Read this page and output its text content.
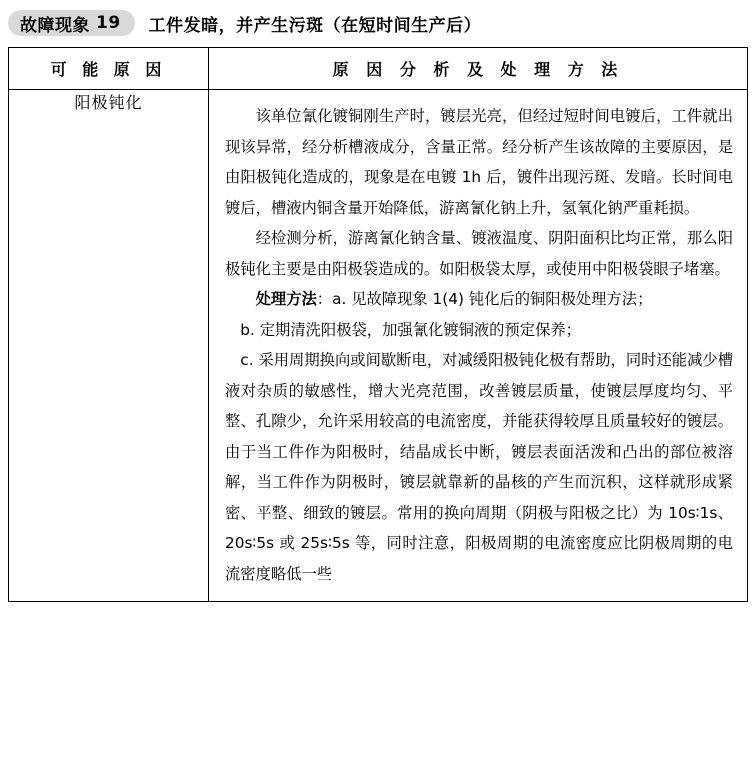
故障现象 19 工件发暗，并产生污斑（在短时间生产后）
可 能 原 因	原 因 分 析 及 处 理 方 法
阳极钝化	该单位氰化镀铜刚生产时，镀层光亮，但经过短时间电镀后，工件就出现该异常，经分析槽液成分，含量正常。经分析产生该故障的主要原因，是由阳极钝化造成的，现象是在电镀 1h 后，镀件出现污斑、发暗。长时间电镀后，槽液内铜含量开始降低，游离氰化钠上升，氢氧化钠严重耗损。

经检测分析，游离氰化钠含量、镀液温度、阴阳面积比均正常，那么阳极钝化主要是由阳极袋造成的。如阳极袋太厚，或使用中阳极袋眼子堵塞。

处理方法：a. 见故障现象 1(4) 钝化后的铜阳极处理方法；

b. 定期清洗阳极袋，加强氰化镀铜液的预定保养；

c. 采用周期换向或间歇断电，对减缓阳极钝化极有帮助，同时还能减少槽液对杂质的敏感性，增大光亮范围，改善镀层质量，使镀层厚度均匀、平整、孔隙少，允许采用较高的电流密度，并能获得较厚且质量较好的镀层。由于当工件作为阳极时，结晶成长中断，镀层表面活泼和凸出的部位被溶解，当工件作为阴极时，镀层就靠新的晶核的产生而沉积，这样就形成紧密、平整、细致的镀层。常用的换向周期（阴极与阳极之比）为 10s∶1s、20s∶5s 或 25s∶5s 等，同时注意，阳极周期的电流密度应比阴极周期的电流密度略低一些
